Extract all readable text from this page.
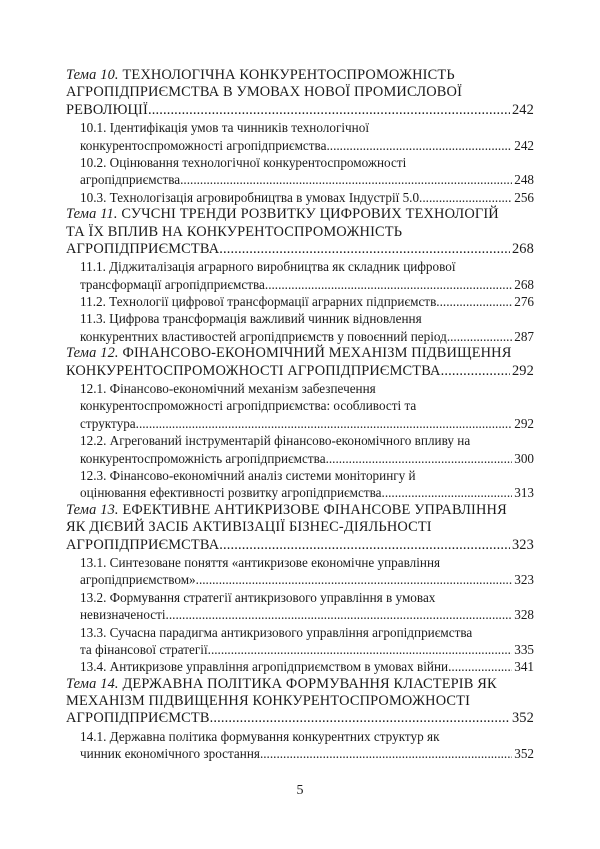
Тема 10. ТЕХНОЛОГІЧНА КОНКУРЕНТОСПРОМОЖНІСТЬ
АГРОПІДПРИЄМСТВА В УМОВАХ НОВОЇ ПРОМИСЛОВОЇ
РЕВОЛЮЦІЇ .....	242
10.1. Ідентифікація умов та чинників технологічної
конкурентоспроможності агропідприємства .....	242
10.2. Оцінювання технологічної конкурентоспроможності
агропідприємства .....	248
10.3. Технологізація агровиробництва в умовах Індустрії 5.0. .....	256
Тема 11. СУЧСНІ ТРЕНДИ РОЗВИТКУ ЦИФРОВИХ ТЕХНОЛОГІЙ
ТА ЇХ ВПЛИВ НА КОНКУРЕНТОСПРОМОЖНІСТЬ
АГРОПІДПРИЄМСТВА .....	268
11.1. Діджиталізація аграрного виробництва як складник цифрової
трансформації агропідприємства .....	268
11.2. Технології цифрової трансформації аграрних підприємств .....	276
11.3. Цифрова трансформація важливий чинник відновлення
конкурентних властивостей агропідприємств у повоєнний період .....	287
Тема 12. ФІНАНСОВО-ЕКОНОМІЧНИЙ МЕХАНІЗМ ПІДВИЩЕННЯ
КОНКУРЕНТОСПРОМОЖНОСТІ АГРОПІДПРИЄМСТВА .....	292
12.1. Фінансово-економічний механізм забезпечення
конкурентоспроможності агропідприємства: особливості та
структура .....	292
12.2. Агрегований інструментарій фінансово-економічного впливу на
конкурентоспроможність агропідприємства .....	300
12.3. Фінансово-економічний аналіз системи моніторингу й
оцінювання ефективності розвитку агропідприємства .....	313
Тема 13. ЕФЕКТИВНЕ АНТИКРИЗОВЕ ФІНАНСОВЕ УПРАВЛІННЯ
ЯК ДІЄВИЙ ЗАСІБ АКТИВІЗАЦІЇ БІЗНЕС-ДІЯЛЬНОСТІ
АГРОПІДПРИЄМСТВА .....	323
13.1. Синтезоване поняття «антикризове економічне управління
агропідприємством» .....	323
13.2. Формування стратегії антикризового управління в умовах
невизначеності .....	328
13.3. Сучасна парадигма антикризового управління агропідприємства
та фінансової стратегії .....	335
13.4. Антикризове управління агропідприємством в умовах війни .....	341
Тема 14. ДЕРЖАВНА ПОЛІТИКА ФОРМУВАННЯ КЛАСТЕРІВ ЯК
МЕХАНІЗМ ПІДВИЩЕННЯ КОНКУРЕНТОСПРОМОЖНОСТІ
АГРОПІДПРИЄМСТВ .....	352
14.1. Державна політика формування конкурентних структур як
чинник економічного зростання .....	352
5
